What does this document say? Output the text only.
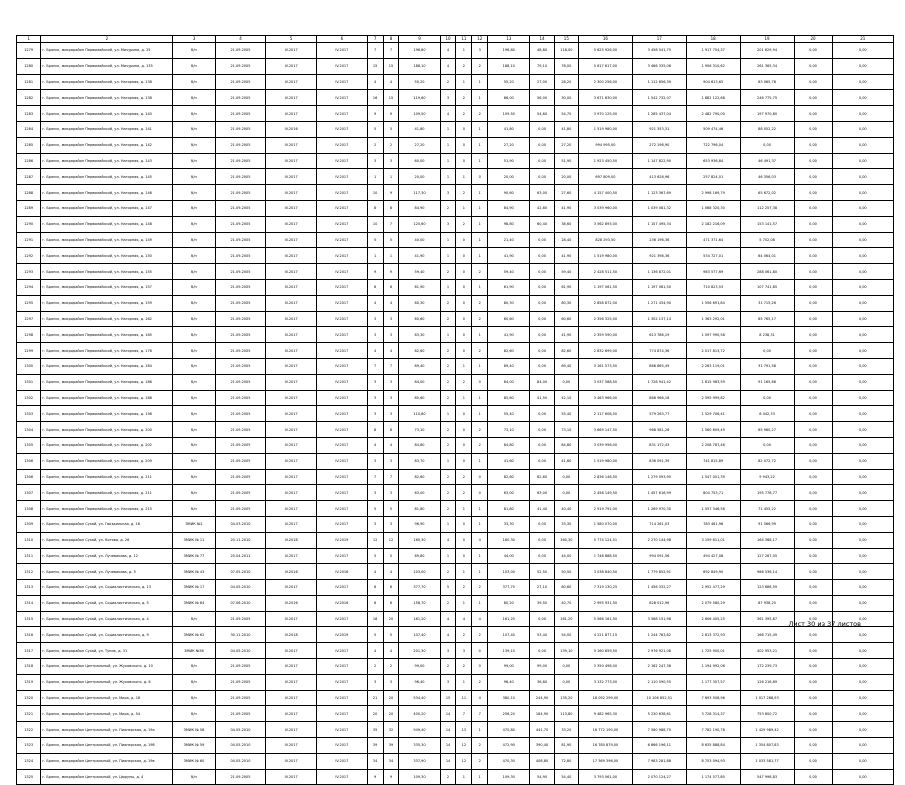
1	2	3	4	5	6	7	8	9	10	11	12	13	14	15	16	17	18	19	20	21
1279	г. Брянск, микрорайон Первомайский, ул. Мичурина, д. 25	б/н	21.09.2005	III.2017	IV.2017	7	7	196,80	4	1	3	196,80	48,80	118,00	5 625 926,00	3 458 541,75	1 917 754,37	201 629,94	0,00	0,00
1280	г. Брянск, микрорайон Первомайский, ул. Мичурина, д. 135	б/н	21.09.2005	III.2017	IV.2017	15	15	188,10	4	2	2	188,10	79,10	78,00	5 617 617,00	3 466 335,06	1 906 310,62	261 365,34	0,00	0,00
1281	г. Брянск, микрорайон Первомайский, ул. Нагорная, д. 138	б/н	21.09.2005	III.2017	IV.2017	4	4	55,20	2	1	1	55,20	27,00	28,20	2 300 256,00	1 112 856,39	904 613,65	83 065,78	0,00	0,00
1282	г. Брянск, микрорайон Первомайский, ул. Нагорная, д. 138	б/н	21.09.2005	III.2017	IV.2017	16	15	119,60	3	2	1	86,00	56,00	30,00	3 671 630,00	1 542 732,07	1 882 122,68	246 775,75	0,00	0,00
1283	г. Брянск, микрорайон Первомайский, ул. Нагорная, д. 140	б/н	21.09.2005	III.2017	IV.2017	9	9	109,50	4	2	2	109,50	54,60	54,70	3 970 125,00	1 285 437,04	2 482 790,00	197 970,80	0,00	0,00
1284	г. Брянск, микрорайон Первомайский, ул. Нагорная, д. 141	б/н	21.09.2005	IV.2016	IV.2017	5	5	41,80	1	0	1	41,80	0,00	41,80	1 519 980,00	921 353,31	509 474,46	88 052,22	0,00	0,00
1285	г. Брянск, микрорайон Первомайский, ул. Нагорная, д. 142	б/н	21.09.2005	III.2017	IV.2017	2	2	27,20	1	0	1	27,20	0,00	27,20	994 995,00	272 198,90	722 796,04	0,00	0,00	0,00
1286	г. Брянск, микрорайон Первомайский, ул. Нагорная, д. 143	б/н	21.09.2005	III.2017	IV.2017	3	3	60,00	1	0	1	51,90	0,00	51,90	1 923 450,50	1 147 822,90	653 936,84	46 491,37	0,00	0,00
1287	г. Брянск, микрорайон Первомайский, ул. Нагорная, д. 145	б/н	21.09.2005	III.2017	IV.2017	1	1	20,00	1	1	0	20,00	0,00	20,00	697 809,00	413 628,96	257 824,01	46 356,03	0,00	0,00
1288	г. Брянск, микрорайон Первомайский, ул. Нагорная, д. 146	б/н	21.09.2005	III.2017	IV.2017	10	9	117,30	3	2	1	90,60	63,00	27,60	4 157 400,50	1 123 367,69	2 998 169,79	65 672,02	0,00	0,00
1289	г. Брянск, микрорайон Первомайский, ул. Нагорная, д. 147	б/н	21.09.2005	III.2017	IV.2017	8	8	84,90	2	1	1	84,90	42,80	41,90	3 039 960,00	1 039 081,32	1 068 320,30	112 257,38	0,00	0,00
1290	г. Брянск, микрорайон Первомайский, ул. Нагорная, д. 148	б/н	21.09.2005	III.2017	IV.2017	10	7	120,60	3	2	1	98,80	60,40	38,60	3 562 893,00	1 157 495,34	2 182 216,09	153 141,57	0,00	0,00
1291	г. Брянск, микрорайон Первомайский, ул. Нагорная, д. 149	б/н	21.09.2005	III.2017	IV.2017	5	5	40,00	1	0	1	21,40	0,00	28,40	828 293,50	236 196,36	471 371,64	5 702,08	0,00	0,00
1292	г. Брянск, микрорайон Первомайский, ул. Нагорная, д. 150	б/н	21.09.2005	III.2017	IV.2017	1	1	41,90	1	0	1	41,90	0,00	41,90	1 519 980,00	921 398,36	534 727,01	64 064,01	0,00	0,00
1293	г. Брянск, микрорайон Первомайский, ул. Нагорная, д. 155	б/н	21.09.2005	III.2017	IV.2017	9	9	59,40	2	0	2	59,40	0,00	59,40	2 428 511,50	1 136 872,01	983 577,69	288 061,80	0,00	0,00
1294	г. Брянск, микрорайон Первомайский, ул. Нагорная, д. 157	б/н	21.09.2005	III.2017	IV.2017	6	6	61,90	1	0	1	61,90	0,00	61,90	1 197 061,50	1 197 061,50	710 823,53	107 741,85	0,00	0,00
1295	г. Брянск, микрорайон Первомайский, ул. Нагорная, д. 159	б/н	21.09.2005	III.2017	IV.2017	4	4	80,30	2	0	2	80,30	0,00	80,30	2 858 872,00	1 271 434,90	1 556 691,84	31 715,26	0,00	0,00
1297	г. Брянск, микрорайон Первомайский, ул. Нагорная, д. 162	б/н	21.09.2005	III.2017	IV.2017	3	3	60,60	2	0	2	60,60	0,00	60,60	2 356 325,00	1 302 137,14	1 363 292,01	85 765,17	0,00	0,00
1298	г. Брянск, микрорайон Первомайский, ул. Нагорная, д. 165	б/н	21.09.2005	III.2017	IV.2017	3	3	83,30	1	0	1	41,90	0,00	41,90	2 359 590,00	613 786,19	1 097 990,58	8 238,31	0,00	0,00
1299	г. Брянск, микрорайон Первомайский, ул. Нагорная, д. 176	б/н	21.09.2005	III.2017	IV.2017	4	4	82,60	2	0	2	82,60	0,00	82,60	2 832 699,00	774 874,36	2 017 813,72	0,00	0,00	0,00
1300	г. Брянск, микрорайон Первомайский, ул. Нагорная, д. 184	б/н	21.09.2005	III.2017	IV.2017	7	7	89,40	2	1	1	89,40	0,00	89,40	3 161 573,50	866 665,49	2 263 119,01	31 791,58	0,00	0,00
1301	г. Брянск, микрорайон Первомайский, ул. Нагорная, д. 186	б/н	21.09.2005	III.2017	IV.2017	3	3	84,00	2	2	0	84,00	84,00	0,00	3 037 588,50	1 728 941,42	1 815 983,59	91 165,68	0,00	0,00
1302	г. Брянск, микрорайон Первомайский, ул. Нагорная, д. 188	б/н	21.09.2005	III.2017	IV.2017	3	3	85,60	2	1	1	85,60	41,50	42,10	3 463 966,00	868 966,18	2 595 999,82	0,00	0,00	0,00
1303	г. Брянск, микрорайон Первомайский, ул. Нагорная, д. 198	б/н	21.09.2005	III.2017	IV.2017	3	3	110,80	1	0	1	55,40	0,00	55,40	2 117 608,50	579 263,77	1 529 706,41	8 442,33	0,00	0,00
1304	г. Брянск, микрорайон Первомайский, ул. Нагорная, д. 200	б/н	21.09.2005	III.2017	IV.2017	8	8	73,10	2	0	2	73,10	0,00	73,10	3 669 147,50	968 581,26	1 560 609,49	65 960,27	0,00	0,00
1305	г. Брянск, микрорайон Первомайский, ул. Нагорная, д. 202	б/н	21.09.2005	III.2017	IV.2017	4	4	84,80	2	0	2	84,80	0,00	84,80	3 039 956,00	831 172,43	2 208 787,46	0,00	0,00	0,00
1306	г. Брянск, микрорайон Первомайский, ул. Нагорная, д. 209	б/н	21.09.2005	III.2017	IV.2017	3	3	83,70	1	0	1	41,60	0,00	41,60	1 519 980,00	836 091,39	741 815,89	82 072,72	0,00	0,00
1306	г. Брянск, микрорайон Первомайский, ул. Нагорная, д. 211	б/н	21.09.2005	III.2017	IV.2017	7	7	82,60	2	2	0	82,60	82,60	0,00	2 836 146,50	1 279 093,95	1 547 001,39	9 943,22	0,00	0,00
1307	г. Брянск, микрорайон Первомайский, ул. Нагорная, д. 211	б/н	21.09.2005	III.2017	IV.2017	3	3	63,00	2	2	0	63,00	63,00	0,00	2 458 149,50	1 457 616,99	804 753,71	195 778,77	0,00	0,00
1308	г. Брянск, микрорайон Первомайский, ул. Нагорная, д. 215	б/н	21.09.2005	III.2017	IV.2017	5	5	81,80	2	1	1	81,80	41,40	40,40	2 919 791,00	1 269 970,30	1 557 346,58	71 455,22	0,00	0,00
1309	г. Брянск, микрорайон Сухой, ул. Гвоздильная, д. 16	ЗМИК №1	04.03.2010	III.2017	IV.2017	3	3	96,90	1	0	1	33,30	0,00	33,30	1 580 070,00	714 261,03	783 461,96	91 566,99	0,00	0,00
1310	г. Брянск, микрорайон Сухой, ул. Котова, д. 26	ЗМИК № 11	20.11.2010	IV.2018	IV.2019	12	12	160,30	4	0	4	160,30	0,00	160,30	5 774 124,51	2 270 144,98	3 159 611,01	164 368,17	0,00	0,00
1311	г. Брянск, микрорайон Сухой, ул. Лучевикова, д. 12	ЗМИК № 77	25.04.2011	III.2017	IV.2017	5	5	89,80	1	0	1	44,00	0,00	44,00	1 746 888,50	994 091,56	494 427,08	127 267,05	0,00	0,00
1312	г. Брянск, микрорайон Сухой, ул. Лучевикова, д. 5	ЗМИК № 43	07.05.2010	IV.2016	IV.2016	4	4	103,00	2	1	1	103,00	52,50	50,50	3 038 840,50	1 779 852,91	692 849,90	986 536,14	0,00	0,00
1313	г. Брянск, микрорайон Сухой, ул. Социалистическая, д. 13	ЗМИК № 17	04.05.2010	IV.2017	IV.2017	6	6	377,70	5	2	2	377,70	27,10	80,60	7 319 130,25	1 456 332,27	2 952 477,29	123 686,59	0,00	0,00
1314	г. Брянск, микрорайон Сухой, ул. Социалистическая, д. 5	ЗМИК № 64	07.06.2010	IV.2016	IV.2016	6	6	158,70	2	1	1	80,20	39,50	40,70	2 995 931,50	828 012,96	2 079 580,29	87 938,25	0,00	0,00
1315	г. Брянск, микрорайон Сухой, ул. Социалистическая, д. 4	б/н	21.09.2005	III.2017	IV.2017	18	20	161,20	4	4	4	161,20	0,00	161,20	5 566 161,50	3 568 151,98	2 606 405,25	361 395,87	0,00	0,00
1316	г. Брянск, микрорайон Сухой, ул. Социалистическая, д. 9	ЗМИК № 62	30.11.2010	IV.2018	IV.2019	5	5	107,40	4	2	2	107,40	53,40	54,00	4 221 877,15	1 244 763,82	2 813 372,93	166 715,49	0,00	0,00
1317	г. Брянск, микрорайон Сухой, ул. Тупик, д. 31	ЗМИК №56	04.05.2010	III.2017	IV.2017	4	4	201,30	3	3	0	139,10	0,00	139,10	5 160 659,50	2 976 921,08	1 725 900,01	402 953,21	0,00	0,00
1318	г. Брянск, микрорайон Центральный, ул. Жуковского, д. 10	б/н	21.09.2005	III.2017	IV.2017	2	2	99,00	2	2	0	99,00	99,00	0,00	3 350 498,00	2 162 247,36	1 194 992,06	172 239,73	0,00	0,00
1319	г. Брянск, микрорайон Центральный, ул. Жуковского, д. 6	б/н	21.09.2005	III.2017	IV.2017	3	3	96,40	3	1	2	96,40	36,80	0,00	3 132 773,00	2 110 590,55	1 177 307,57	126 216,89	0,00	0,00
1320	г. Брянск, микрорайон Центральный, ул. Мира, д. 18	б/н	21.09.2005	III.2017	IV.2017	21	20	534,40	15	11	4	380,10	244,90	135,20	18 092 299,00	10 106 852,51	7 693 508,96	1 017 288,93	0,00	0,00
1321	г. Брянск, микрорайон Центральный, ул. Мира, д. 54	б/н	21.09.2005	III.2017	IV.2017	20	20	400,20	14	7	7	256,20	184,90	113,80	9 482 965,30	5 230 638,61	3 728 314,37	753 800,72	0,00	0,00
1322	г. Брянск, микрорайон Центральный, ул. Пионерская, д. 19а	ЗМИК № 58	04.05.2010	III.2017	IV.2017	35	32	949,40	14	13	1	470,80	441,70	33,20	16 772 190,00	7 560 988,70	7 782 190,78	1 429 989,42	0,00	0,00
1323	г. Брянск, микрорайон Центральный, ул. Пионерская, д. 19б	ЗМИК № 59	04.05.2010	III.2017	IV.2017	39	39	335,30	14	12	2	472,90	390,40	81,90	16 780 879,00	6 866 196,11	8 635 888,84	1 354 807,83	0,00	0,00
1324	г. Брянск, микрорайон Центральный, ул. Пионерская, д. 19в	ЗМИК № 60	04.05.2010	III.2017	IV.2017	34	34	337,90	14	12	2	470,30	408,80	72,80	17 369 396,00	7 983 281,88	8 753 094,93	1 033 581,77	0,00	0,00
1325	г. Брянск, микрорайон Центральный, ул. Цюрупы, д. 4	б/н	21.09.2005	III.2017	IV.2017	9	9	109,30	2	1	1	109,30	54,90	54,40	3 793 061,00	2 070 124,27	1 174 577,80	547 998,83	0,00	0,00
Лист 30 из 37 листов
